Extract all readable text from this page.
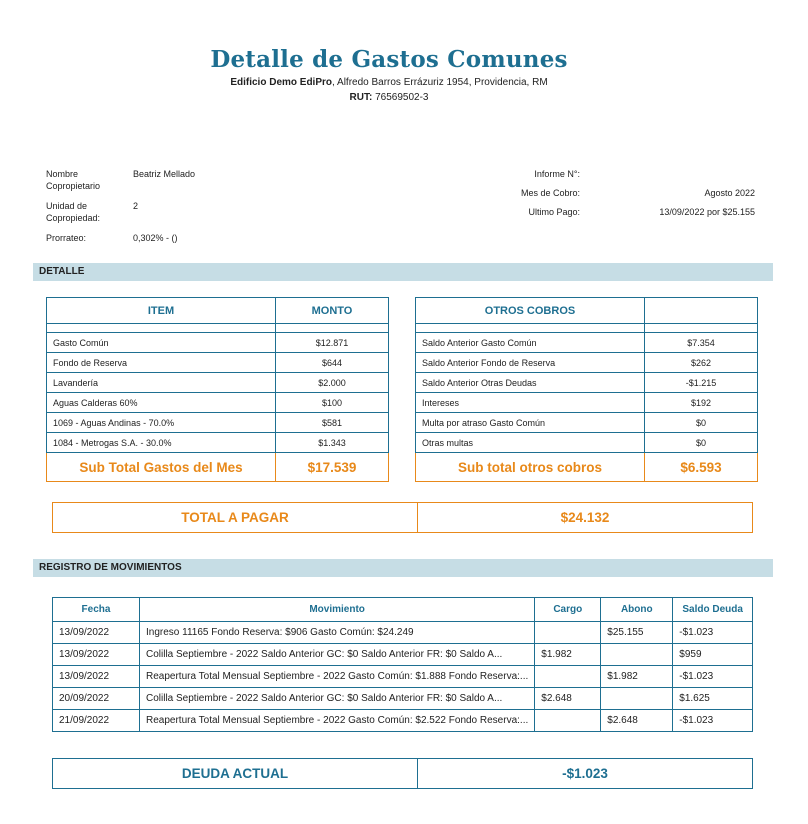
Detalle de Gastos Comunes
Edificio Demo EdiPro, Alfredo Barros Errázuriz 1954, Providencia, RM
RUT: 76569502-3
Nombre Copropietario
Beatriz Mellado
Unidad de Copropiedad:
2
Prorrateo:	0,302% - ()
Informe N°:
Mes de Cobro:	Agosto 2022
Ultimo Pago:	13/09/2022 por $25.155
DETALLE
ITEM	MONTO

Gasto Común	$12.871
Fondo de Reserva	$644
Lavandería	$2.000
Aguas Calderas 60%	$100
1069 - Aguas Andinas - 70.0%	$581
1084 - Metrogas S.A. - 30.0%	$1.343
Sub Total Gastos del Mes	$17.539
OTROS COBROS	

Saldo Anterior Gasto Común	$7.354
Saldo Anterior Fondo de Reserva	$262
Saldo Anterior Otras Deudas	-$1.215
Intereses	$192
Multa por atraso Gasto Común	$0
Otras multas	$0
Sub total otros cobros	$6.593
TOTAL A PAGAR	$24.132
REGISTRO DE MOVIMIENTOS
Fecha	Movimiento	Cargo	Abono	Saldo Deuda
13/09/2022	Ingreso 11165 Fondo Reserva: $906 Gasto Común: $24.249		$25.155	-$1.023
13/09/2022	Colilla Septiembre - 2022 Saldo Anterior GC: $0 Saldo Anterior FR: $0 Saldo A...	$1.982		$959
13/09/2022	Reapertura Total Mensual Septiembre - 2022 Gasto Común: $1.888 Fondo Reserva:...		$1.982	-$1.023
20/09/2022	Colilla Septiembre - 2022 Saldo Anterior GC: $0 Saldo Anterior FR: $0 Saldo A...	$2.648		$1.625
21/09/2022	Reapertura Total Mensual Septiembre - 2022 Gasto Común: $2.522 Fondo Reserva:...		$2.648	-$1.023
DEUDA ACTUAL	-$1.023
